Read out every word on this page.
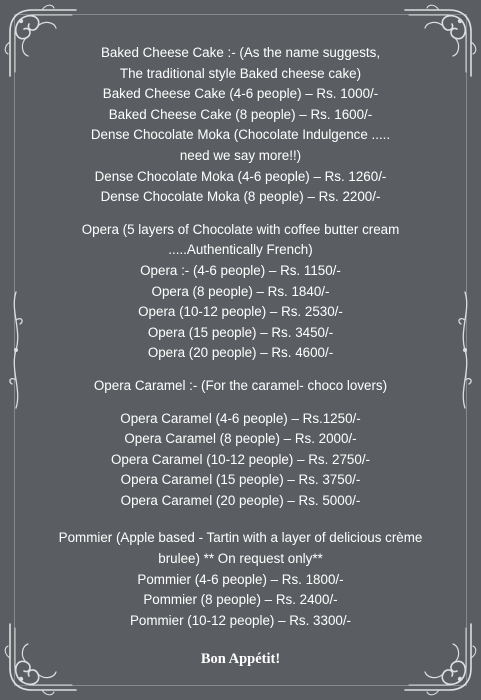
Baked Cheese Cake :- (As the name suggests,
The traditional style Baked cheese cake)
Baked Cheese Cake (4-6 people) – Rs. 1000/-
Baked Cheese Cake (8 people) – Rs. 1600/-
Dense Chocolate Moka (Chocolate Indulgence .....
need we say more!!)
Dense Chocolate Moka (4-6 people) – Rs. 1260/-
Dense Chocolate Moka (8 people) – Rs. 2200/-
Opera (5 layers of Chocolate with coffee butter cream
.....Authentically French)
Opera :- (4-6 people) – Rs. 1150/-
Opera (8 people) – Rs. 1840/-
Opera (10-12 people) – Rs. 2530/-
Opera (15 people) – Rs. 3450/-
Opera (20 people) – Rs. 4600/-
Opera Caramel :- (For the caramel- choco lovers)
Opera Caramel (4-6 people) – Rs.1250/-
Opera Caramel (8 people) – Rs. 2000/-
Opera Caramel (10-12 people) – Rs. 2750/-
Opera Caramel (15 people) – Rs. 3750/-
Opera Caramel (20 people) – Rs. 5000/-
Pommier (Apple based - Tartin with a layer of delicious crème
brulee) ** On request only**
Pommier (4-6 people) – Rs. 1800/-
Pommier (8 people) – Rs. 2400/-
Pommier (10-12 people) – Rs. 3300/-
Bon Appétit!
